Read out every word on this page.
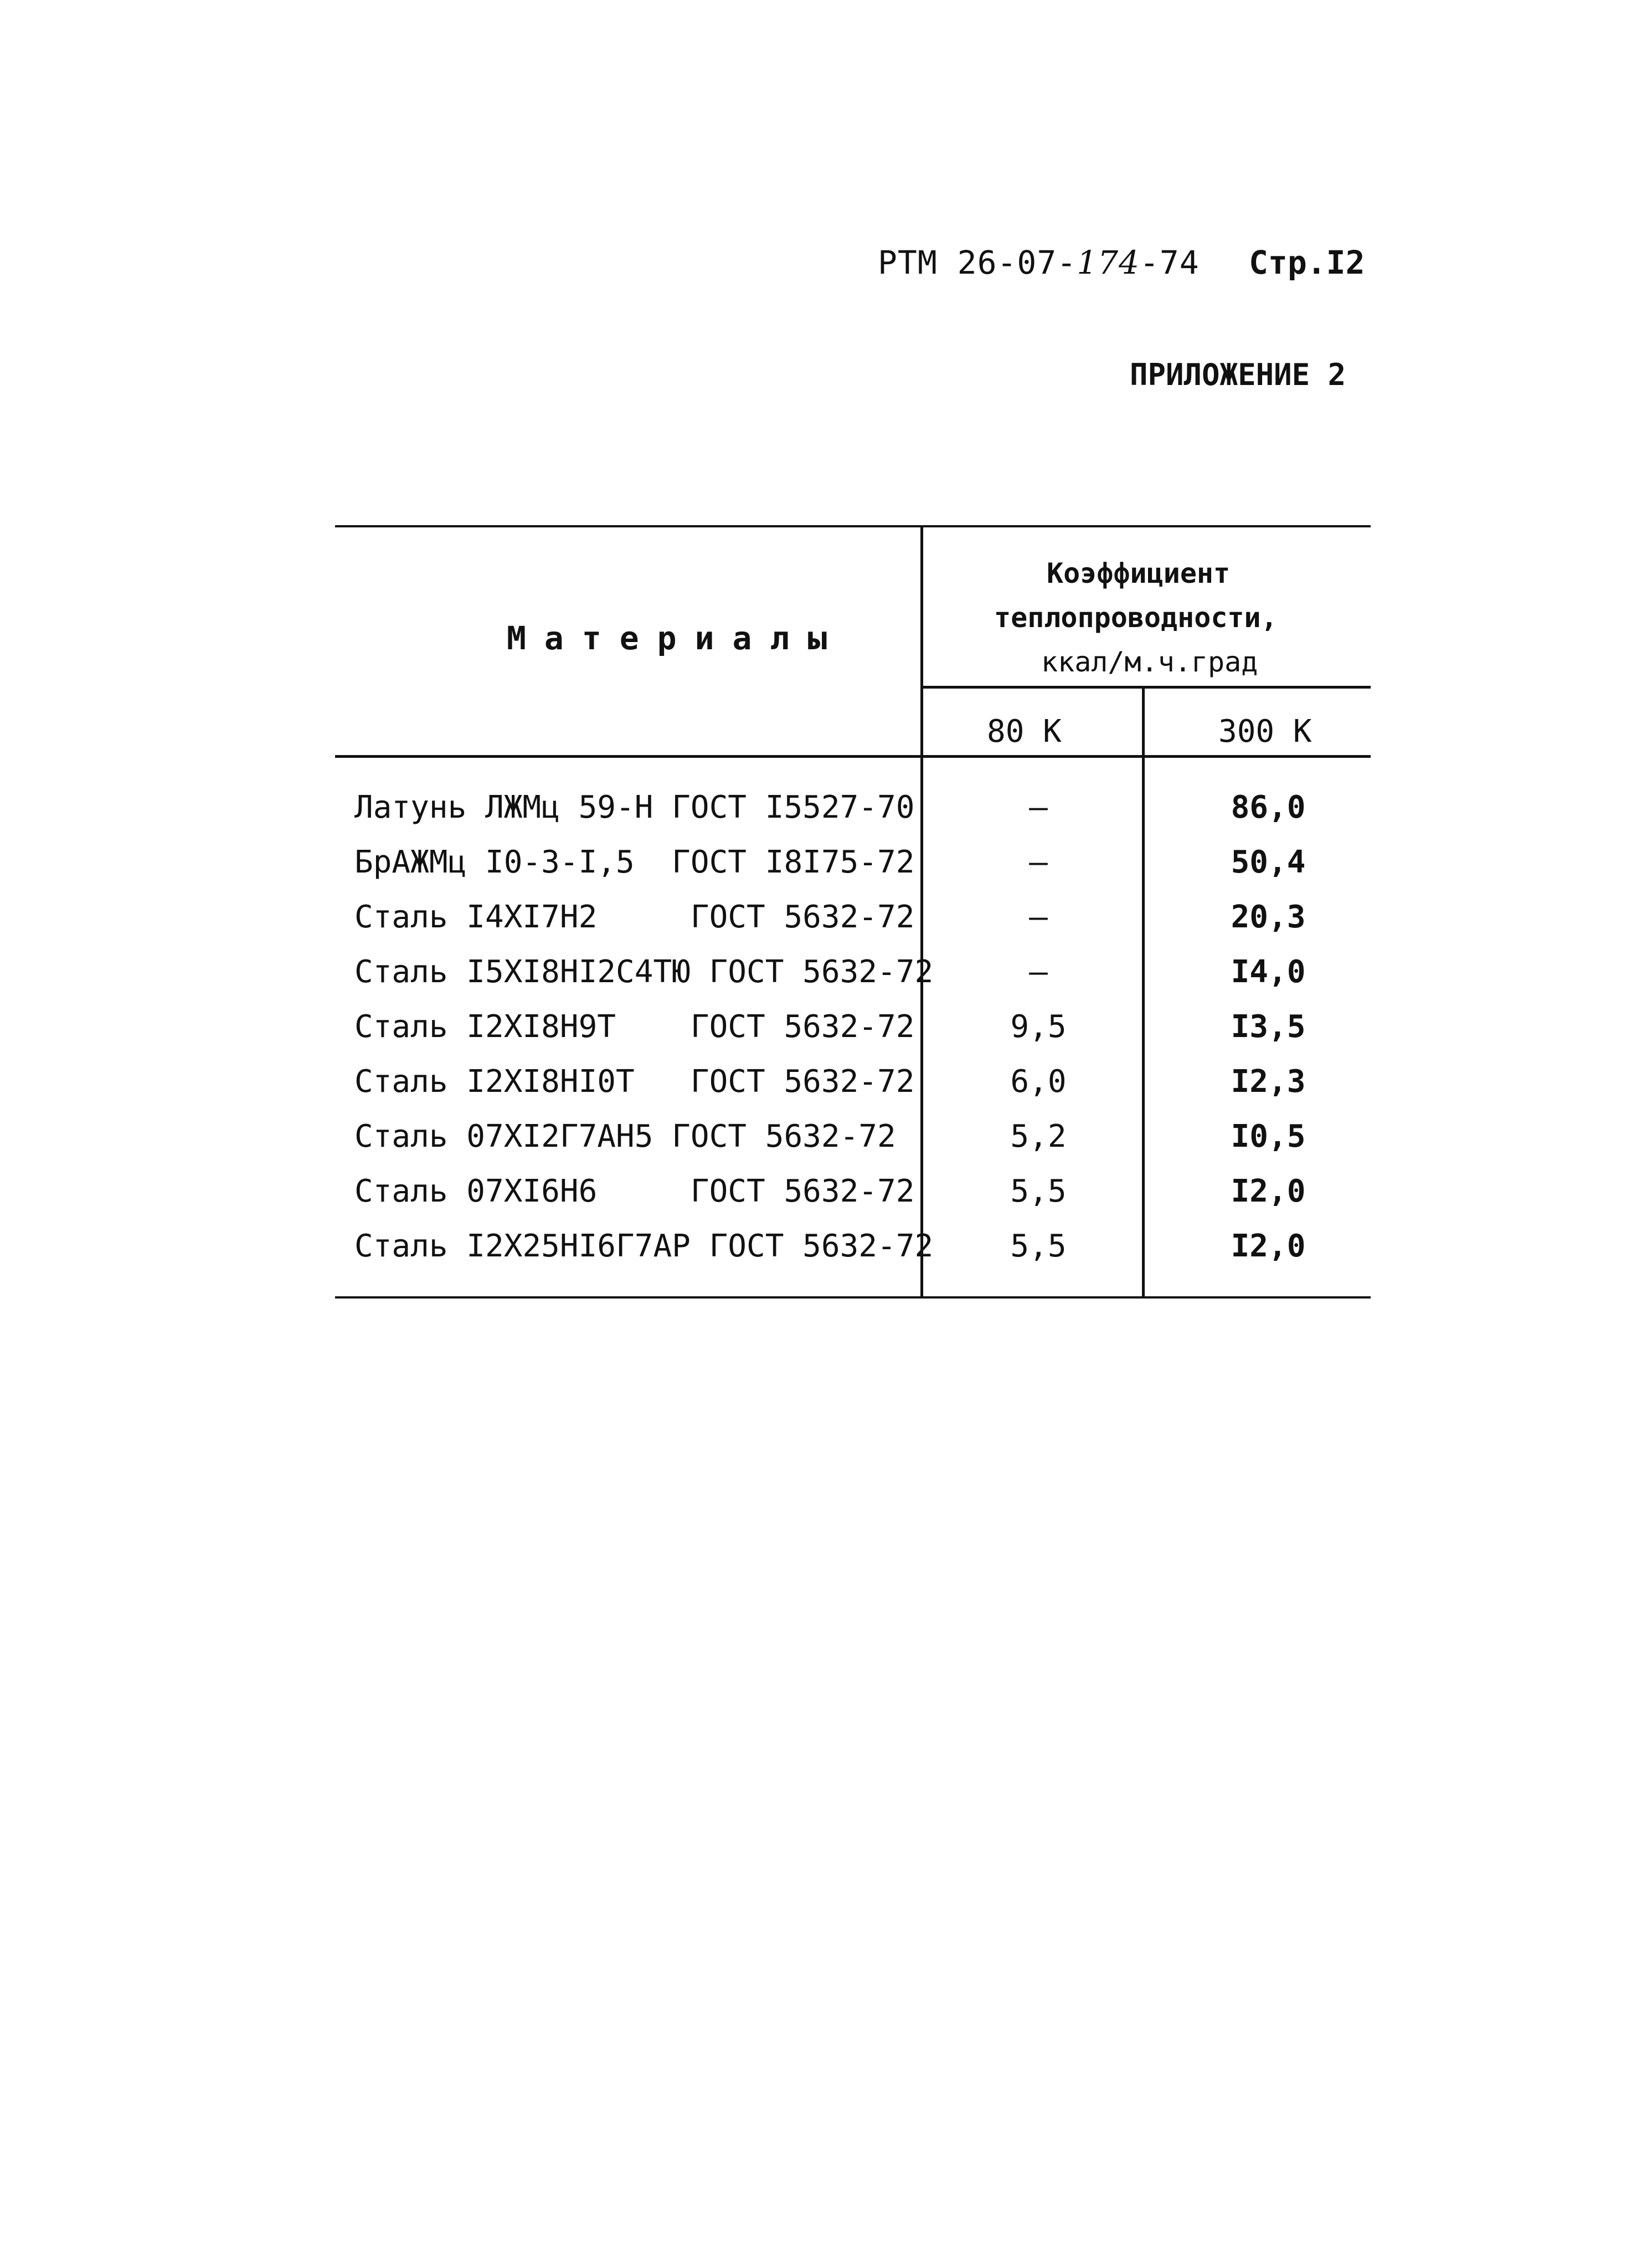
РТМ 26-07-174-74 Стр.I2
ПРИЛОЖЕНИЕ 2
Материалы
Коэффициент
теплопроводности,
ккал/м.ч.град
80 К	300 К
Латунь ЛЖМц 59-Н ГОСТ I5527-70	–	86,0
БрАЖМц I0-3-I,5  ГОСТ I8I75-72	–	50,4
Сталь I4XI7H2     ГОСТ 5632-72	–	20,3
Сталь I5XI8HI2C4TЮ ГОСТ 5632-72	–	I4,0
Сталь I2XI8H9T    ГОСТ 5632-72	9,5	I3,5
Сталь I2XI8HI0T   ГОСТ 5632-72	6,0	I2,3
Сталь 07XI2Г7AH5 ГОСТ 5632-72	5,2	I0,5
Сталь 07XI6H6     ГОСТ 5632-72	5,5	I2,0
Сталь I2X25HI6Г7AP ГОСТ 5632-72	5,5	I2,0
